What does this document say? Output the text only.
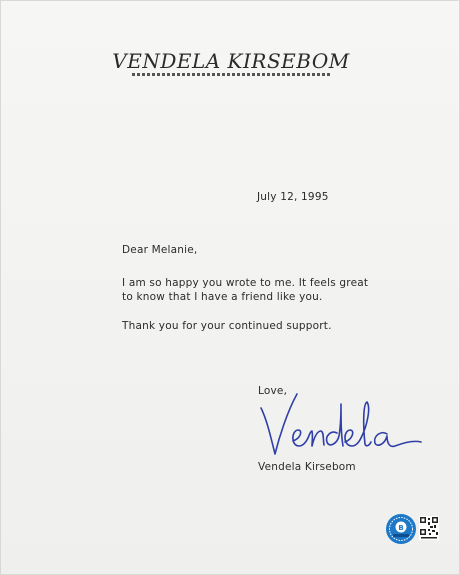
VENDELA KIRSEBOM
July 12, 1995
Dear Melanie,
I am so happy you wrote to me. It feels great to know that I have a friend like you.
Thank you for your continued support.
Love,
Vendela Kirsebom
B
